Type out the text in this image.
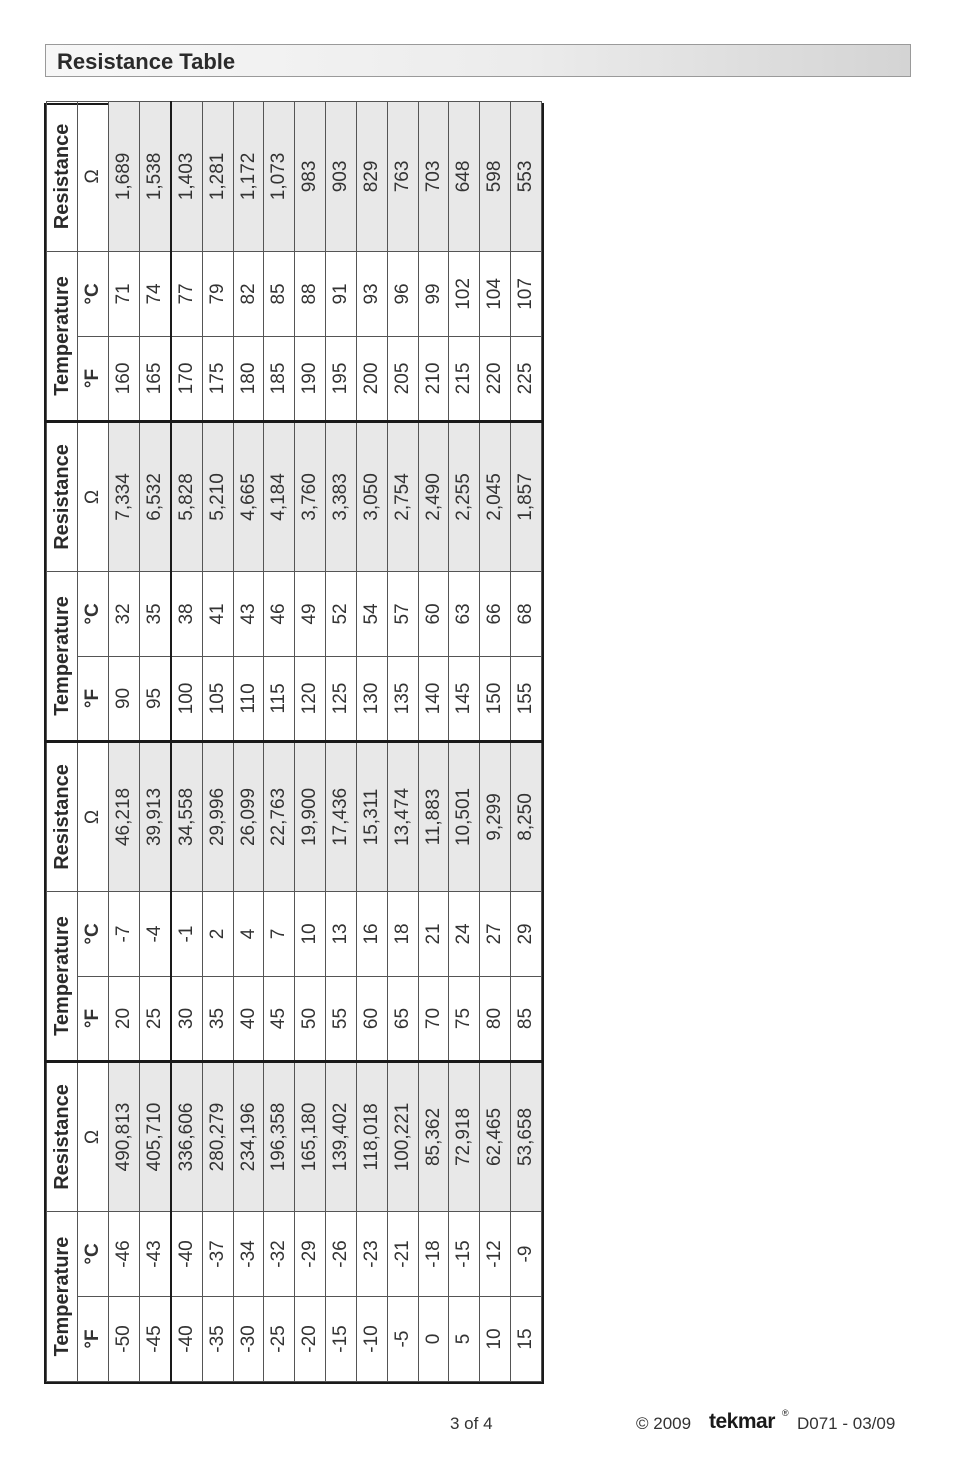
Resistance Table
Temperature		Resistance	Temperature		Resistance	Temperature		Resistance	Temperature		Resistance
°F	°C	Ω	°F	°C	Ω	°F	°C	Ω	°F	°C	Ω
-50	-46	490,813	20	-7	46,218	90	32	7,334	160	71	1,689
-45	-43	405,710	25	-4	39,913	95	35	6,532	165	74	1,538
-40	-40	336,606	30	-1	34,558	100	38	5,828	170	77	1,403
-35	-37	280,279	35	2	29,996	105	41	5,210	175	79	1,281
-30	-34	234,196	40	4	26,099	110	43	4,665	180	82	1,172
-25	-32	196,358	45	7	22,763	115	46	4,184	185	85	1,073
-20	-29	165,180	50	10	19,900	120	49	3,760	190	88	983
-15	-26	139,402	55	13	17,436	125	52	3,383	195	91	903
-10	-23	118,018	60	16	15,311	130	54	3,050	200	93	829
-5	-21	100,221	65	18	13,474	135	57	2,754	205	96	763
0	-18	85,362	70	21	11,883	140	60	2,490	210	99	703
5	-15	72,918	75	24	10,501	145	63	2,255	215	102	648
10	-12	62,465	80	27	9,299	150	66	2,045	220	104	598
15	-9	53,658	85	29	8,250	155	68	1,857	225	107	553
3 of 4	© 2009 tekmar ®
D071 - 03/09
